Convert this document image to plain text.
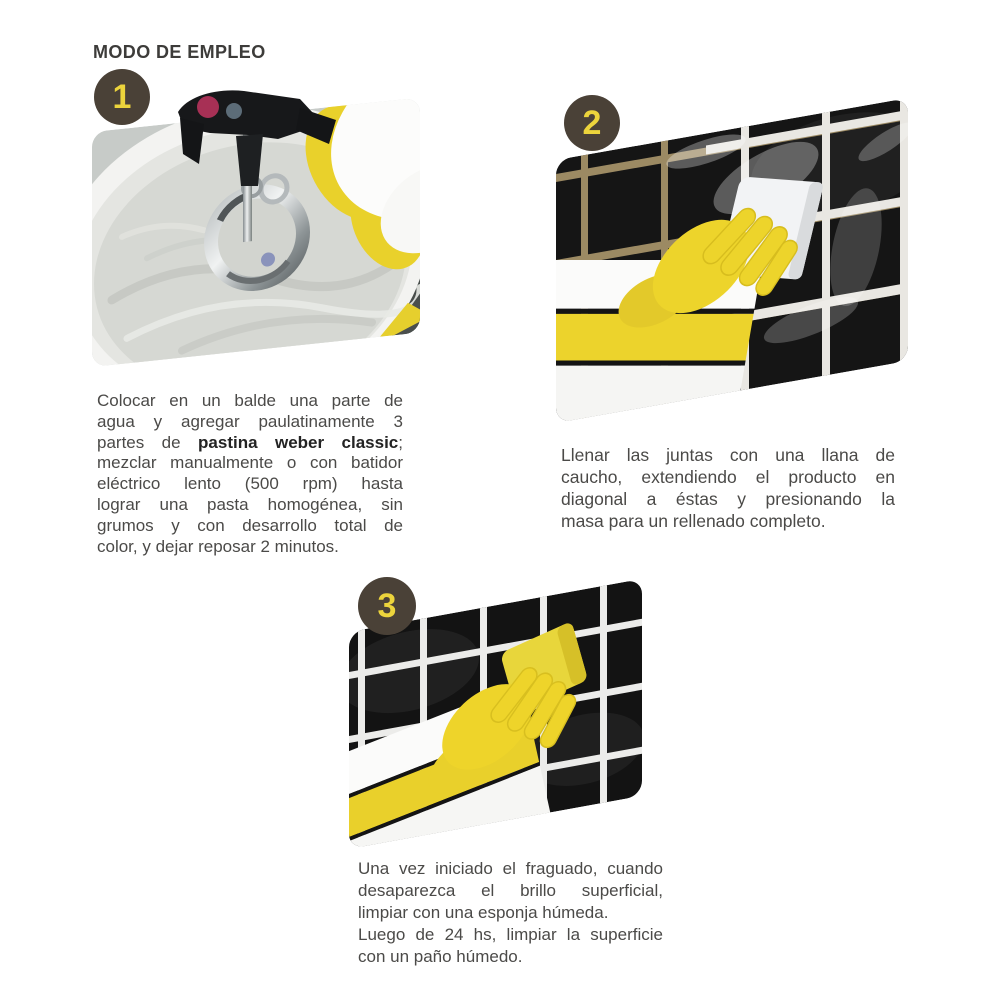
MODO DE EMPLEO
1
Colocar en un balde una parte de
agua y agregar paulatinamente 3
partes de pastina weber classic;
mezclar manualmente o con batidor
eléctrico lento (500 rpm) hasta
lograr una pasta homogénea, sin
grumos y con desarrollo total de
color, y dejar reposar 2 minutos.
2
Llenar las juntas con una llana de
caucho, extendiendo el producto en
diagonal a éstas y presionando la
masa para un rellenado completo.
3
Una vez iniciado el fraguado, cuando
desaparezca el brillo superficial,
limpiar con una esponja húmeda.
Luego de 24 hs, limpiar la superficie
con un paño húmedo.
